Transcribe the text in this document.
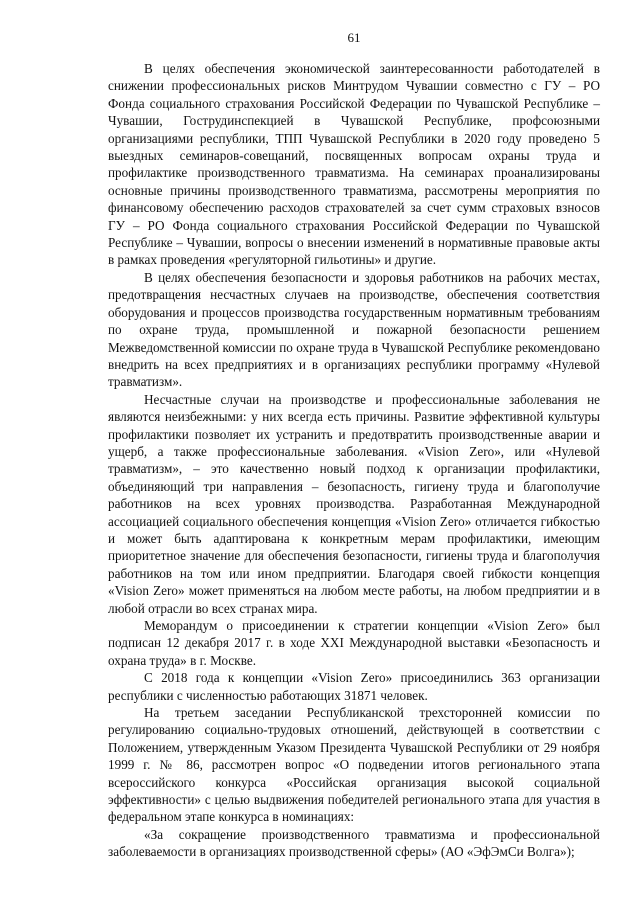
61

В целях обеспечения экономической заинтересованности работодателей в снижении профессиональных рисков Минтрудом Чувашии совместно с ГУ – РО Фонда социального страхования Российской Федерации по Чувашской Республике – Чувашии, Гострудинспекцией в Чувашской Республике, профсоюзными организациями республики, ТПП Чувашской Республики в 2020 году проведено 5 выездных семинаров-совещаний, посвященных вопросам охраны труда и профилактике производственного травматизма. На семинарах проанализированы основные причины производственного травматизма, рассмотрены мероприятия по финансовому обеспечению расходов страхователей за счет сумм страховых взносов ГУ – РО Фонда социального страхования Российской Федерации по Чувашской Республике – Чувашии, вопросы о внесении изменений в нормативные правовые акты в рамках проведения «регуляторной гильотины» и другие.

В целях обеспечения безопасности и здоровья работников на рабочих местах, предотвращения несчастных случаев на производстве, обеспечения соответствия оборудования и процессов производства государственным нормативным требованиям по охране труда, промышленной и пожарной безопасности решением Межведомственной комиссии по охране труда в Чувашской Республике рекомендовано внедрить на всех предприятиях и в организациях республики программу «Нулевой травматизм».

Несчастные случаи на производстве и профессиональные заболевания не являются неизбежными: у них всегда есть причины. Развитие эффективной культуры профилактики позволяет их устранить и предотвратить производственные аварии и ущерб, а также профессиональные заболевания. «Vision Zero», или «Нулевой травматизм», – это качественно новый подход к организации профилактики, объединяющий три направления – безопасность, гигиену труда и благополучие работников на всех уровнях производства. Разработанная Международной ассоциацией социального обеспечения концепция «Vision Zero» отличается гибкостью и может быть адаптирована к конкретным мерам профилактики, имеющим приоритетное значение для обеспечения безопасности, гигиены труда и благополучия работников на том или ином предприятии. Благодаря своей гибкости концепция «Vision Zero» может применяться на любом месте работы, на любом предприятии и в любой отрасли во всех странах мира.

Меморандум о присоединении к стратегии концепции «Vision Zero» был подписан 12 декабря 2017 г. в ходе XXI Международной выставки «Безопасность и охрана труда» в г. Москве.

С 2018 года к концепции «Vision Zero» присоединились 363 организации республики с численностью работающих 31871 человек.

На третьем заседании Республиканской трехсторонней комиссии по регулированию социально-трудовых отношений, действующей в соответствии с Положением, утвержденным Указом Президента Чувашской Республики от 29 ноября 1999 г. № 86, рассмотрен вопрос «О подведении итогов регионального этапа всероссийского конкурса «Российская организация высокой социальной эффективности» с целью выдвижения победителей регионального этапа для участия в федеральном этапе конкурса в номинациях:

«За сокращение производственного травматизма и профессиональной заболеваемости в организациях производственной сферы» (АО «ЭфЭмСи Волга»);
